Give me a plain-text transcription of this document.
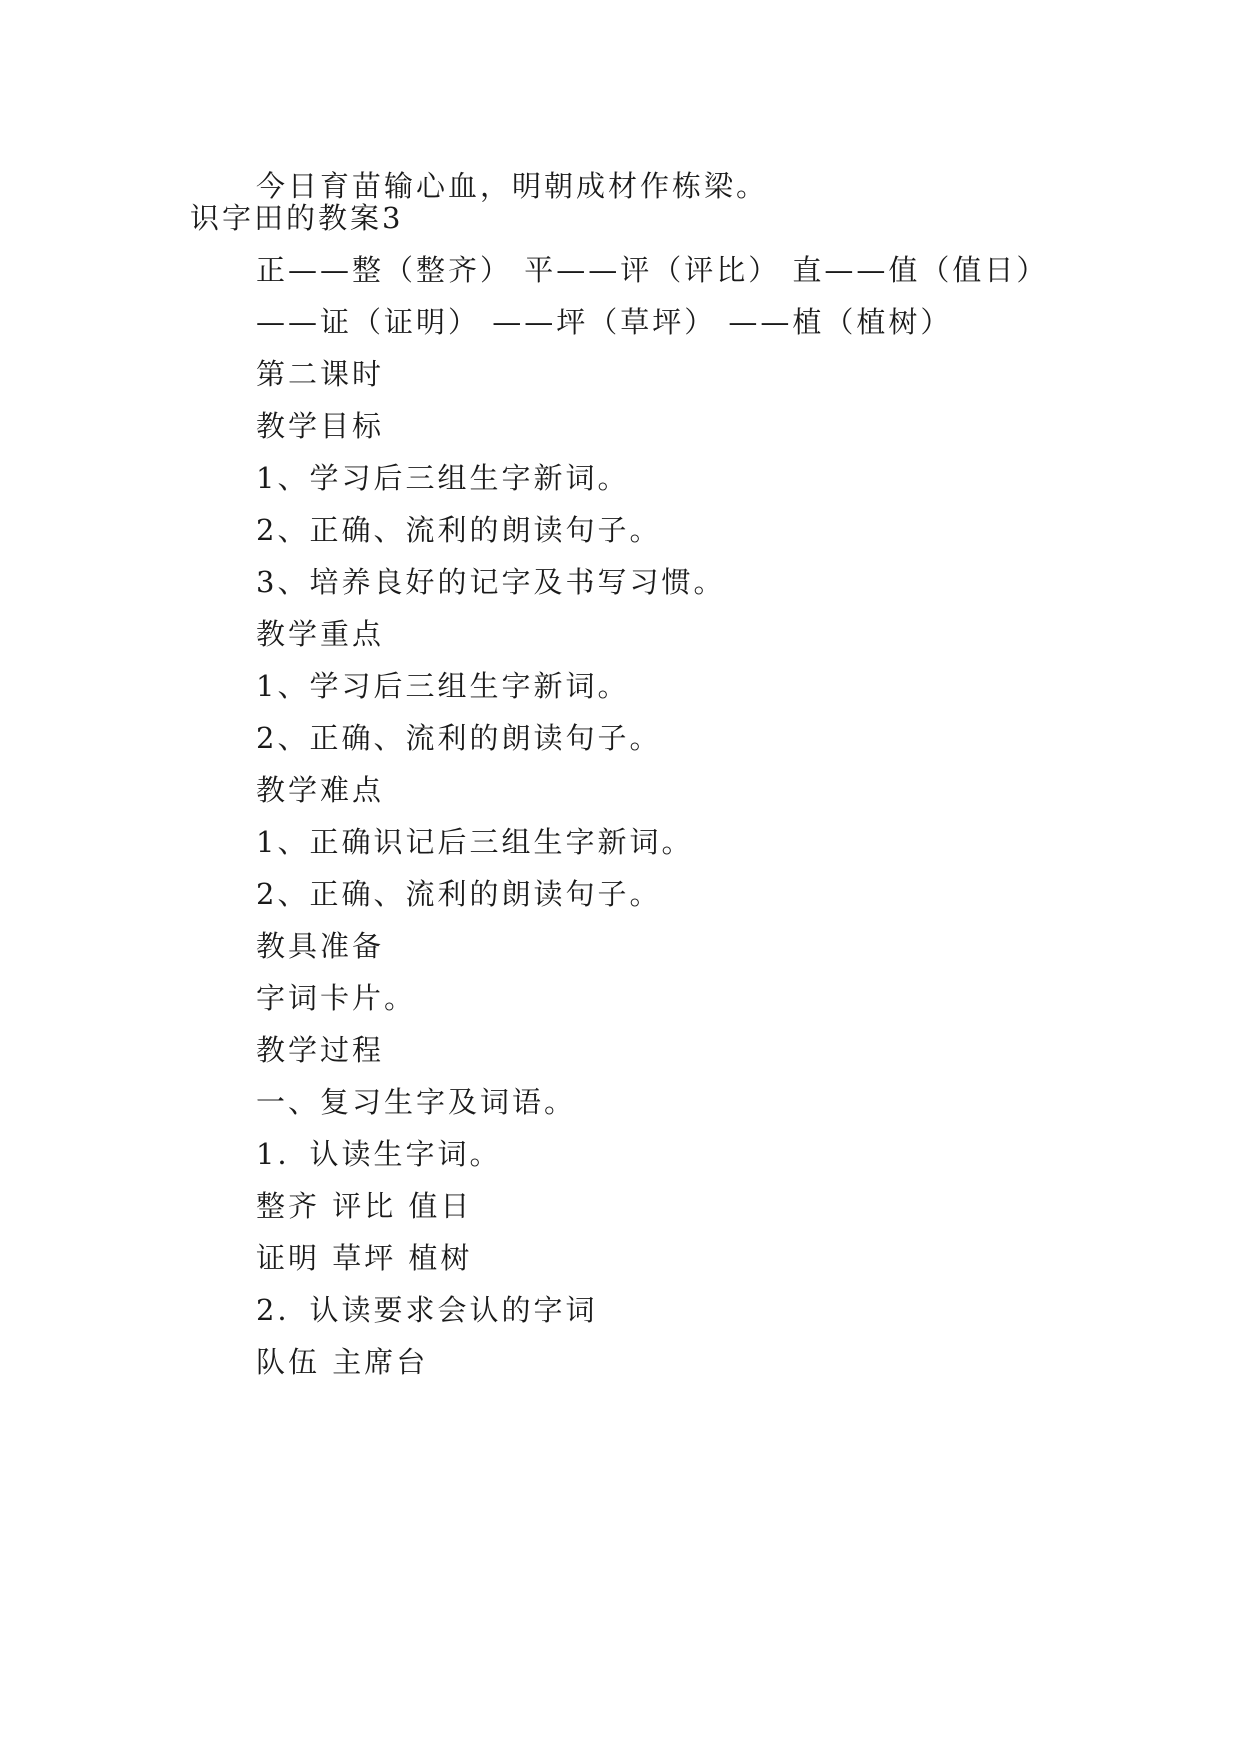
今日育苗输心血，明朝成材作栋梁。
识字田的教案3
正——整（整齐） 平——评（评比） 直——值（值日）
——证（证明） ——坪（草坪） ——植（植树）
第二课时
教学目标
1、学习后三组生字新词。
2、正确、流利的朗读句子。
3、培养良好的记字及书写习惯。
教学重点
1、学习后三组生字新词。
2、正确、流利的朗读句子。
教学难点
1、正确识记后三组生字新词。
2、正确、流利的朗读句子。
教具准备
字词卡片。
教学过程
一、复习生字及词语。
1．认读生字词。
整齐 评比 值日
证明 草坪 植树
2．认读要求会认的字词
队伍 主席台
